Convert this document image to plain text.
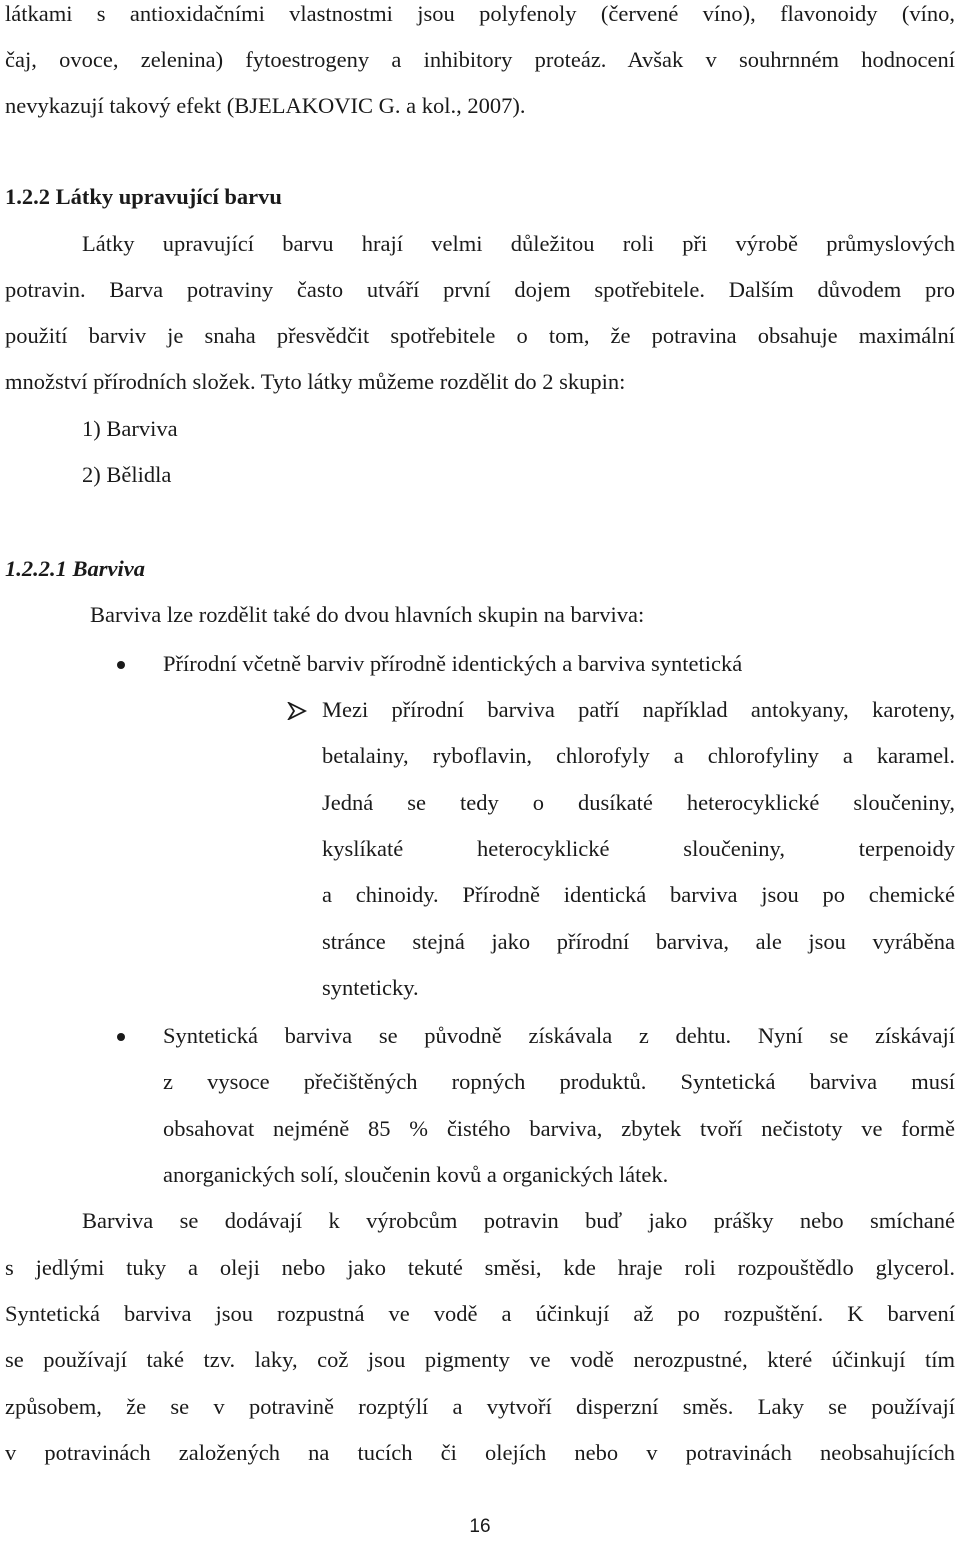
látkami s antioxidačními vlastnostmi jsou polyfenoly (červené víno), flavonoidy (víno,
čaj, ovoce, zelenina) fytoestrogeny a inhibitory proteáz. Avšak v souhrnném hodnocení
nevykazují takový efekt (BJELAKOVIC G. a kol., 2007).
1.2.2 Látky upravující barvu
Látky upravující barvu hrají velmi důležitou roli při výrobě průmyslových
potravin. Barva potraviny často utváří první dojem spotřebitele. Dalším důvodem pro
použití barviv je snaha přesvědčit spotřebitele o tom, že potravina obsahuje maximální
množství přírodních složek. Tyto látky můžeme rozdělit do 2 skupin:
1) Barviva
2) Bělidla
1.2.2.1 Barviva
Barviva lze rozdělit také do dvou hlavních skupin na barviva:
Přírodní včetně barviv přírodně identických a barviva syntetická
Mezi přírodní barviva patří například antokyany, karoteny,
betalainy, ryboflavin, chlorofyly a chlorofyliny a karamel.
Jedná se tedy o dusíkaté heterocyklické sloučeniny,
kyslíkaté heterocyklické sloučeniny, terpenoidy
a chinoidy. Přírodně identická barviva jsou po chemické
stránce stejná jako přírodní barviva, ale jsou vyráběna
synteticky.
Syntetická barviva se původně získávala z dehtu. Nyní se získávají
z vysoce přečištěných ropných produktů. Syntetická barviva musí
obsahovat nejméně 85 % čistého barviva, zbytek tvoří nečistoty ve formě
anorganických solí, sloučenin kovů a organických látek.
Barviva se dodávají k výrobcům potravin buď jako prášky nebo smíchané
s jedlými tuky a oleji nebo jako tekuté směsi, kde hraje roli rozpouštědlo glycerol.
Syntetická barviva jsou rozpustná ve vodě a účinkují až po rozpuštění. K barvení
se používají také tzv. laky, což jsou pigmenty ve vodě nerozpustné, které účinkují tím
způsobem, že se v potravině rozptýlí a vytvoří disperzní směs. Laky se používají
v potravinách založených na tucích či olejích nebo v potravinách neobsahujících
16
